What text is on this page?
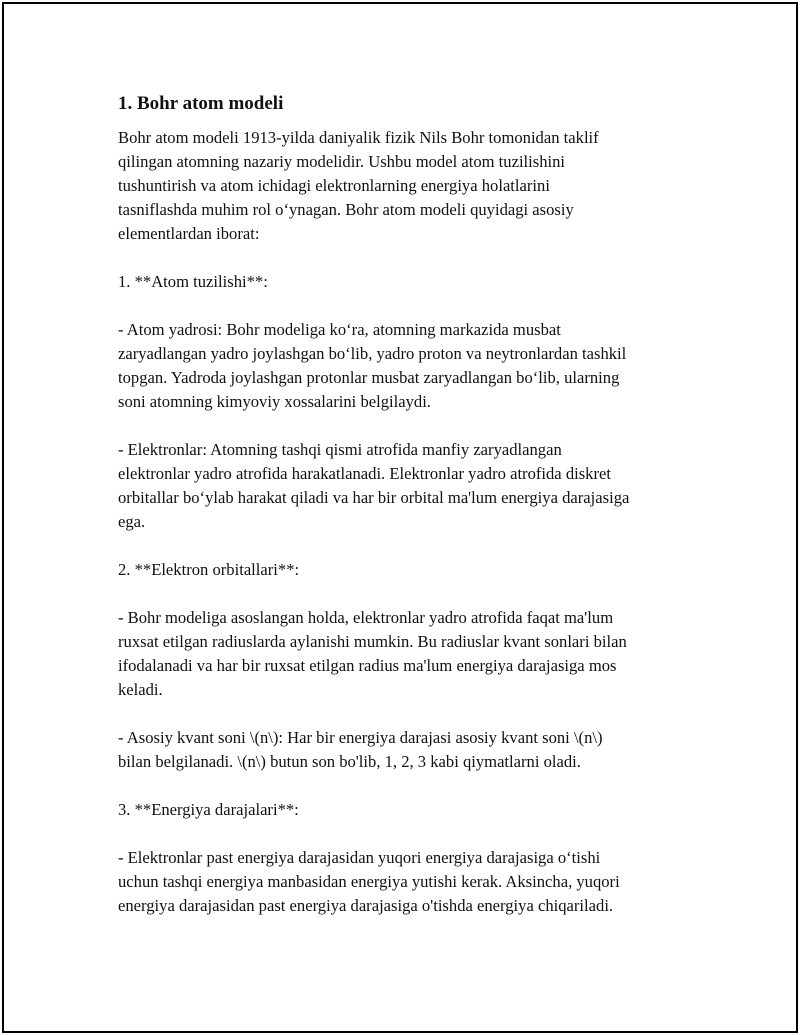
1. Bohr atom modeli

Bohr atom modeli 1913-yilda daniyalik fizik Nils Bohr tomonidan taklif
qilingan atomning nazariy modelidir. Ushbu model atom tuzilishini
tushuntirish va atom ichidagi elektronlarning energiya holatlarini
tasniflashda muhim rol o‘ynagan. Bohr atom modeli quyidagi asosiy
elementlardan iborat:

1. **Atom tuzilishi**:

- Atom yadrosi: Bohr modeliga ko‘ra, atomning markazida musbat
zaryadlangan yadro joylashgan bo‘lib, yadro proton va neytronlardan tashkil
topgan. Yadroda joylashgan protonlar musbat zaryadlangan bo‘lib, ularning
soni atomning kimyoviy xossalarini belgilaydi.

- Elektronlar: Atomning tashqi qismi atrofida manfiy zaryadlangan
elektronlar yadro atrofida harakatlanadi. Elektronlar yadro atrofida diskret
orbitallar bo‘ylab harakat qiladi va har bir orbital ma'lum energiya darajasiga
ega.

2. **Elektron orbitallari**:

- Bohr modeliga asoslangan holda, elektronlar yadro atrofida faqat ma'lum
ruxsat etilgan radiuslarda aylanishi mumkin. Bu radiuslar kvant sonlari bilan
ifodalanadi va har bir ruxsat etilgan radius ma'lum energiya darajasiga mos
keladi.

- Asosiy kvant soni \(n\): Har bir energiya darajasi asosiy kvant soni \(n\)
bilan belgilanadi. \(n\) butun son bo'lib, 1, 2, 3 kabi qiymatlarni oladi.

3. **Energiya darajalari**:

- Elektronlar past energiya darajasidan yuqori energiya darajasiga o‘tishi
uchun tashqi energiya manbasidan energiya yutishi kerak. Aksincha, yuqori
energiya darajasidan past energiya darajasiga o'tishda energiya chiqariladi.
